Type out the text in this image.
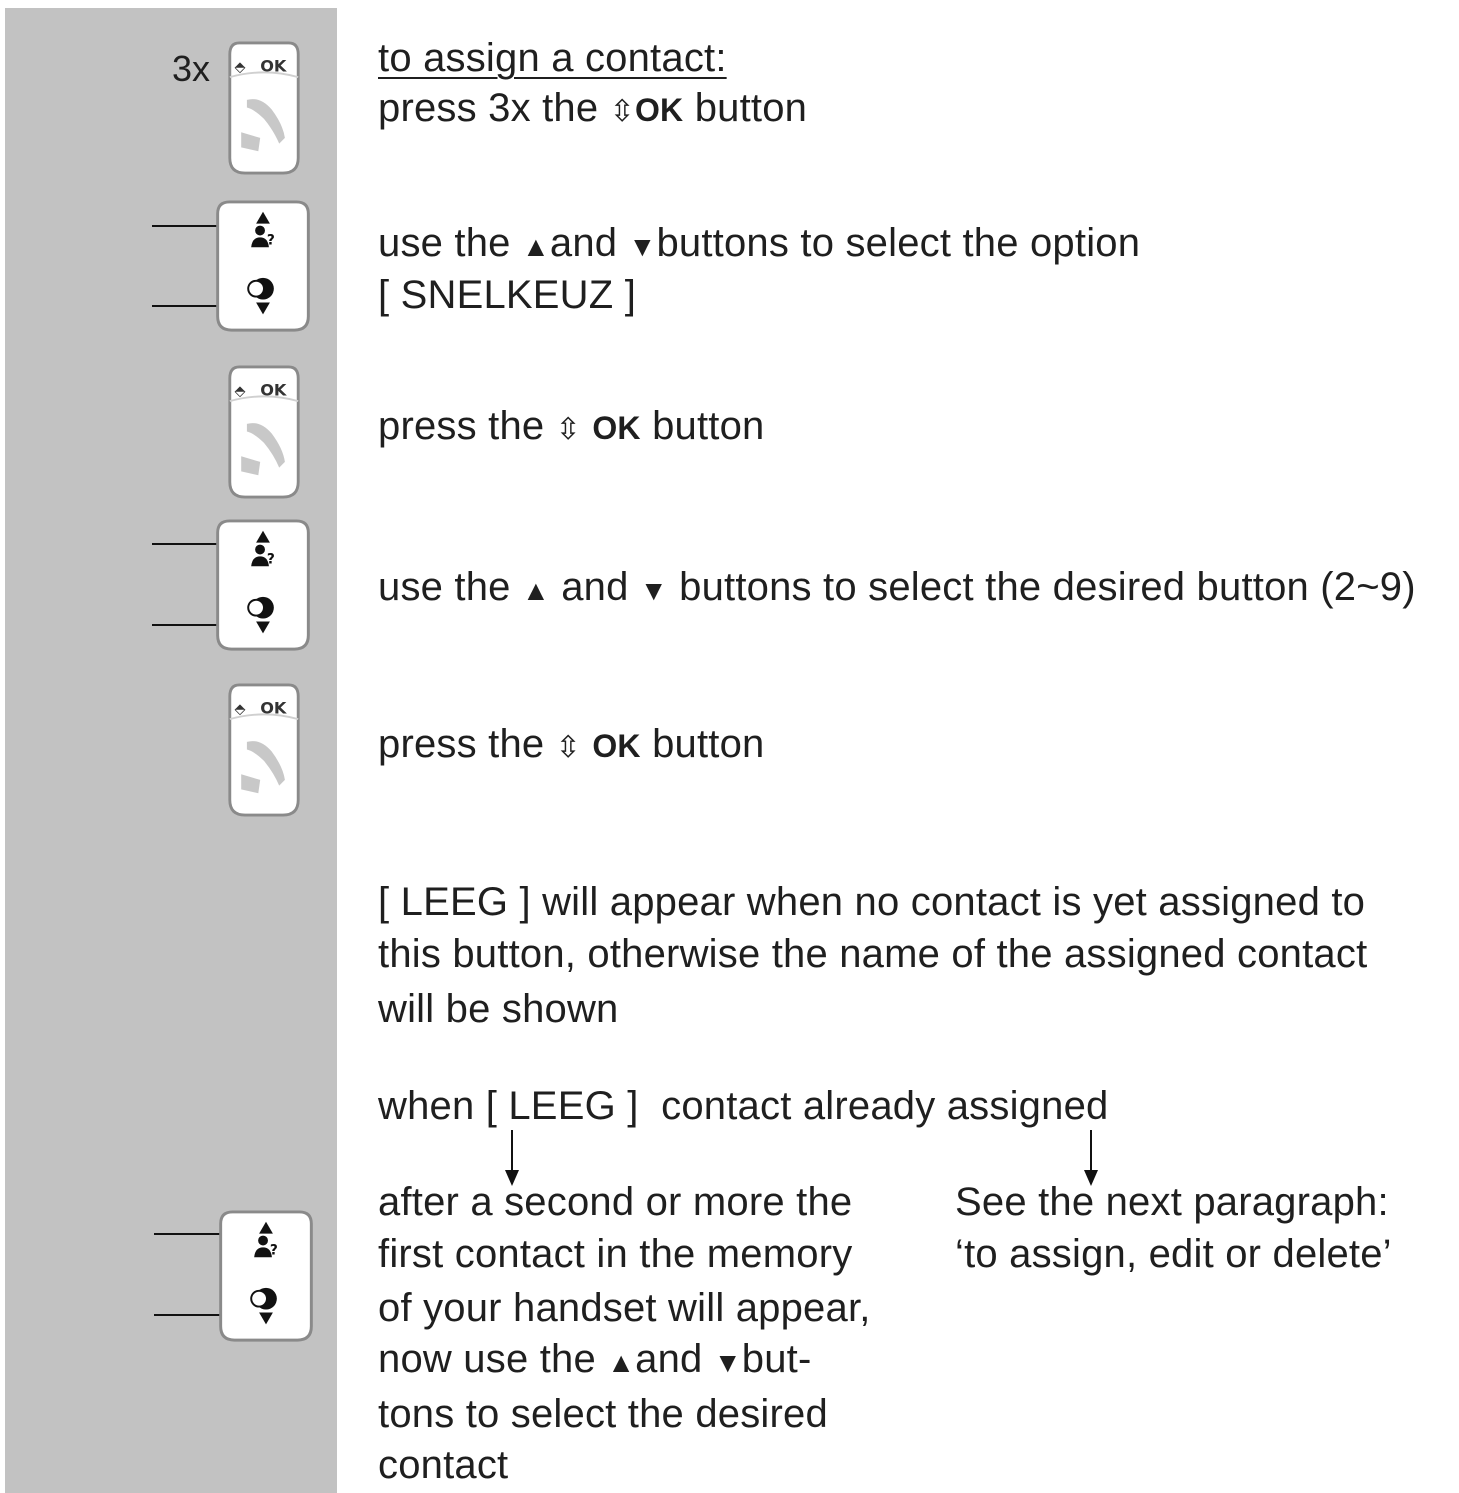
3x	to assign a contact:
press 3x the ⇳OK button
use the ▲and ▼buttons to select the option
[ SNELKEUZ ]
press the ⇳ OK button
use the ▲ and ▼ buttons to select the desired button (2~9)
press the ⇳ OK button
[ LEEG ] will appear when no contact is yet assigned to
this button, otherwise the name of the assigned contact
will be shown
when [ LEEG ] contact already assigned
after a second or more the
first contact in the memory
of your handset will appear,
now use the ▲and ▼but-
tons to select the desired
contact
See the next paragraph:
‘to assign, edit or delete’
